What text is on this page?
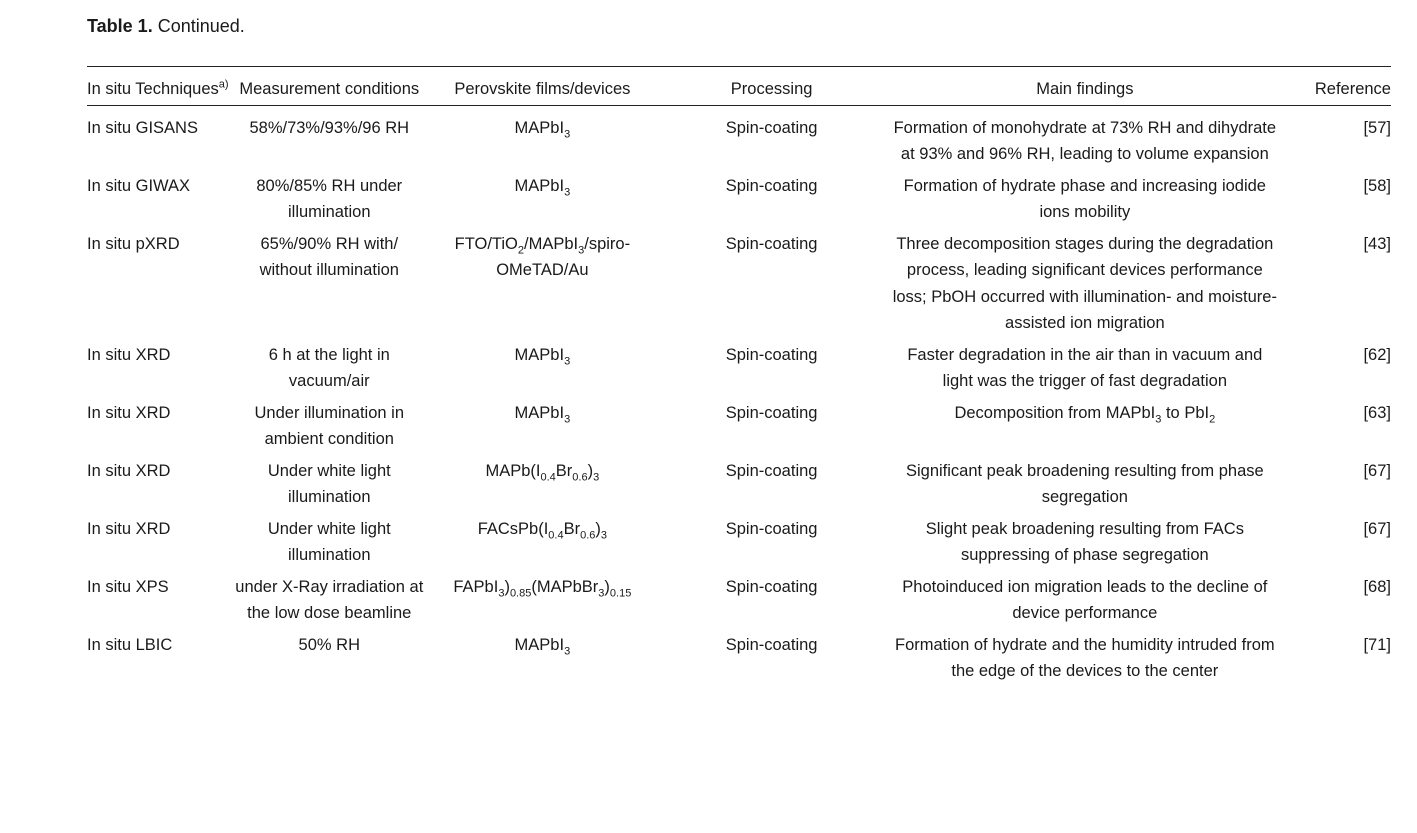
Table 1. Continued.
In situ Techniques$^{a)}$	Measurement conditions	Perovskite films/devices	Processing	Main findings	Reference
In situ GISANS	58%/73%/93%/96 RH	MAPbI$_3$	Spin-coating	Formation of monohydrate at 73% RH and dihydrate at 93% and 96% RH, leading to volume expansion	[57]
In situ GIWAX	80%/85% RH under illumination	MAPbI$_3$	Spin-coating	Formation of hydrate phase and increasing iodide ions mobility	[58]
In situ pXRD	65%/90% RH with/ without illumination	FTO/TiO$_2$/MAPbI$_3$/spiro-OMeTAD/Au	Spin-coating	Three decomposition stages during the degradation process, leading significant devices performance loss; PbOH occurred with illumination- and moisture-assisted ion migration	[43]
In situ XRD	6 h at the light in vacuum/air	MAPbI$_3$	Spin-coating	Faster degradation in the air than in vacuum and light was the trigger of fast degradation	[62]
In situ XRD	Under illumination in ambient condition	MAPbI$_3$	Spin-coating	Decomposition from MAPbI$_3$ to PbI$_2$	[63]
In situ XRD	Under white light illumination	$MAPb(I_{0.4}Br_{0.6})_3$	Spin-coating	Significant peak broadening resulting from phase segregation	[67]
In situ XRD	Under white light illumination	$FACsPb(I_{0.4}Br_{0.6})_3$	Spin-coating	Slight peak broadening resulting from FACs suppressing of phase segregation	[67]
In situ XPS	under X-Ray irradiation at the low dose beamline	$FAPbI_3)_{0.85}(MAPbBr_3)_{0.15}$	Spin-coating	Photoinduced ion migration leads to the decline of device performance	[68]
In situ LBIC	50% RH	MAPbI$_3$	Spin-coating	Formation of hydrate and the humidity intruded from the edge of the devices to the center	[71]
